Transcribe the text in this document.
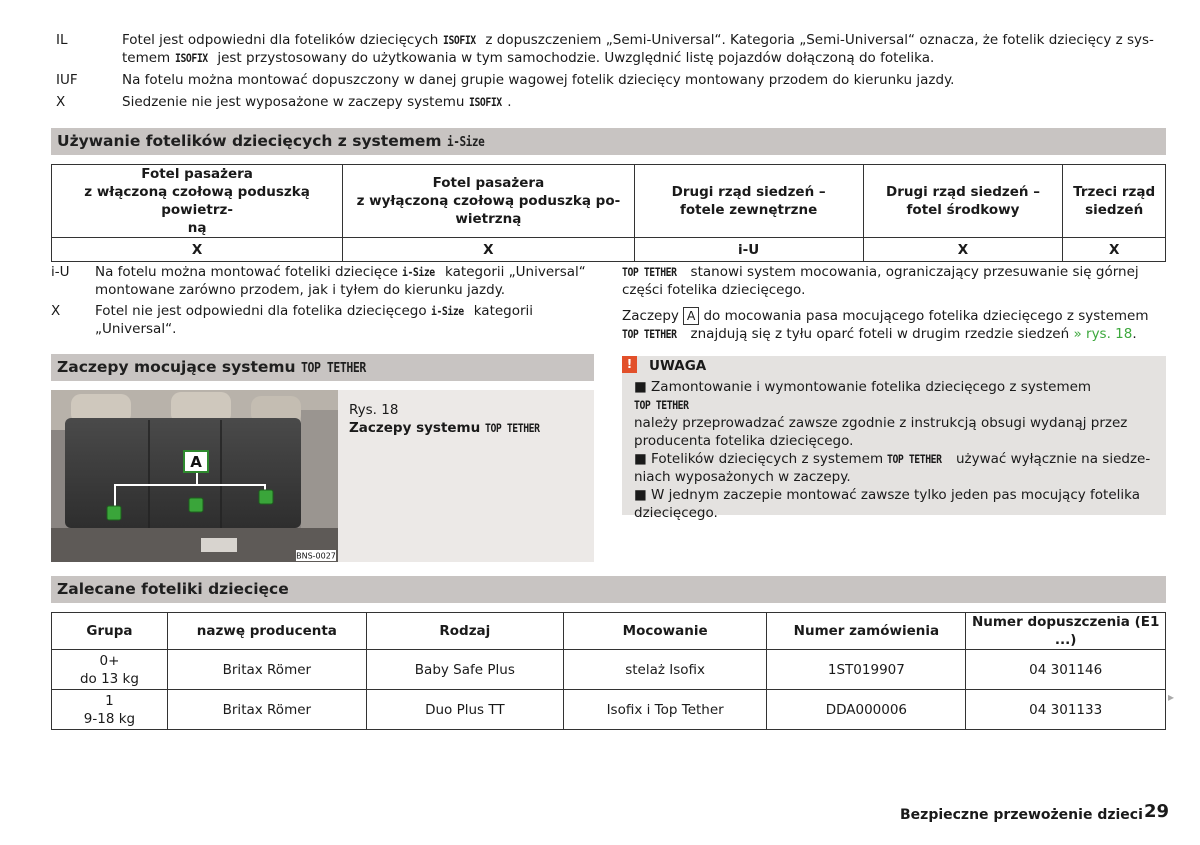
IL	Fotel jest odpowiedni dla fotelików dziecięcych ISOFIX z dopuszczeniem „Semi-Universal“. Kategoria „Semi-Universal“ oznacza, że fotelik dziecięcy z sys-
temem ISOFIX jest przystosowany do użytkowania w tym samochodzie. Uwzględnić listę pojazdów dołączoną do fotelika.
IUF	Na fotelu można montować dopuszczony w danej grupie wagowej fotelik dziecięcy montowany przodem do kierunku jazdy.
X	Siedzenie nie jest wyposażone w zaczepy systemu ISOFIX .
Używanie fotelików dziecięcych z systemem i-Size
Fotel pasażera
z włączoną czołową poduszką powietrz-
ną	Fotel pasażera
z wyłączoną czołową poduszką po-
wietrzną	Drugi rząd siedzeń –
fotele zewnętrzne	Drugi rząd siedzeń –
fotel środkowy	Trzeci rząd
siedzeń
X	X	i-U	X	X
i-U Na fotelu można montować foteliki dziecięce i-Size kategorii „Universal“
montowane zarówno przodem, jak i tyłem do kierunku jazdy.
X	Fotel nie jest odpowiedni dla fotelika dziecięcego i-Size kategorii
„Universal“.
TOP TETHER stanowi system mocowania, ograniczający przesuwanie się górnej
części fotelika dziecięcego.
Zaczepy A do mocowania pasa mocującego fotelika dziecięcego z systemem
TOP TETHER znajdują się z tyłu oparć foteli w drugim rzedzie siedzeń » rys. 18.
Zaczepy mocujące systemu TOP TETHER
A
BNS-0027
Rys. 18
Zaczepy systemu TOP TETHER
!	UWAGA
■ Zamontowanie i wymontowanie fotelika dziecięcego z systemem TOP TETHER
należy przeprowadzać zawsze zgodnie z instrukcją obsugi wydanąj przez
producenta fotelika dziecięcego.
■ Fotelików dziecięcych z systemem TOP TETHER używać wyłącznie na siedze-
niach wyposażonych w zaczepy.
■ W jednym zaczepie montować zawsze tylko jeden pas mocujący fotelika
dziecięcego.
Zalecane foteliki dziecięce
Grupa	nazwę producenta	Rodzaj	Mocowanie	Numer zamówienia	Numer dopuszczenia (E1 ...)
0+
do 13 kg	Britax Römer	Baby Safe Plus	stelaż Isofix	1ST019907	04 301146
1
9-18 kg	Britax Römer	Duo Plus TT	Isofix i Top Tether	DDA000006	04 301133
▸
Bezpieczne przewożenie dzieci 29
